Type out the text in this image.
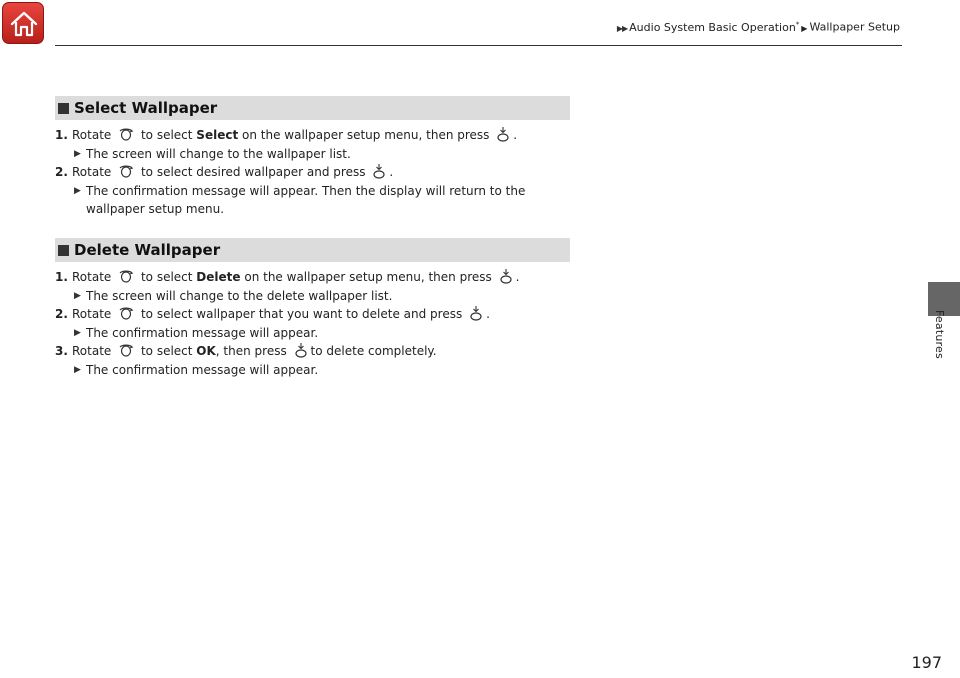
▶▶ Audio System Basic Operation* ▶ Wallpaper Setup
Features
Select Wallpaper
1. Rotate to select Select on the wallpaper setup menu, then press .
▶ The screen will change to the wallpaper list.
2. Rotate to select desired wallpaper and press .
▶ The confirmation message will appear. Then the display will return to the wallpaper setup menu.
Delete Wallpaper
1. Rotate to select Delete on the wallpaper setup menu, then press .
▶ The screen will change to the delete wallpaper list.
2. Rotate to select wallpaper that you want to delete and press .
▶ The confirmation message will appear.
3. Rotate to select OK, then press to delete completely.
▶ The confirmation message will appear.
197
